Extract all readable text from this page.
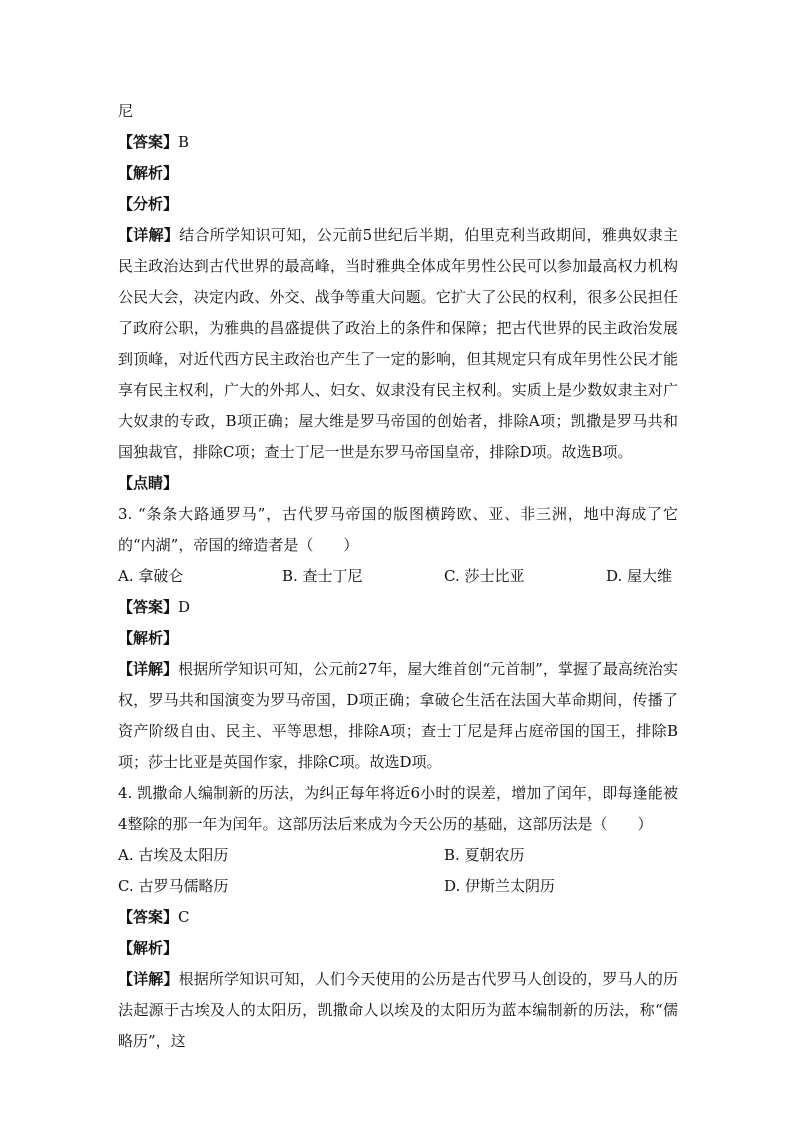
尼
【答案】B
【解析】
【分析】
【详解】结合所学知识可知，公元前5世纪后半期，伯里克利当政期间，雅典奴隶主民主政治达到古代世界的最高峰，当时雅典全体成年男性公民可以参加最高权力机构公民大会，决定内政、外交、战争等重大问题。它扩大了公民的权利，很多公民担任了政府公职，为雅典的昌盛提供了政治上的条件和保障；把古代世界的民主政治发展到顶峰，对近代西方民主政治也产生了一定的影响，但其规定只有成年男性公民才能享有民主权利，广大的外邦人、妇女、奴隶没有民主权利。实质上是少数奴隶主对广大奴隶的专政，B项正确；屋大维是罗马帝国的创始者，排除A项；凯撒是罗马共和国独裁官，排除C项；查士丁尼一世是东罗马帝国皇帝，排除D项。故选B项。
【点睛】
3. “条条大路通罗马”，古代罗马帝国的版图横跨欧、亚、非三洲，地中海成了它的“内湖”，帝国的缔造者是（　　）
A. 拿破仑	B. 查士丁尼	C. 莎士比亚	D. 屋大维
【答案】D
【解析】
【详解】根据所学知识可知，公元前27年，屋大维首创“元首制”，掌握了最高统治实权，罗马共和国演变为罗马帝国，D项正确；拿破仑生活在法国大革命期间，传播了资产阶级自由、民主、平等思想，排除A项；查士丁尼是拜占庭帝国的国王，排除B项；莎士比亚是英国作家，排除C项。故选D项。
4. 凯撒命人编制新的历法，为纠正每年将近6小时的误差，增加了闰年，即每逢能被4整除的那一年为闰年。这部历法后来成为今天公历的基础，这部历法是（　　）
A. 古埃及太阳历	B. 夏朝农历
C. 古罗马儒略历	D. 伊斯兰太阴历
【答案】C
【解析】
【详解】根据所学知识可知，人们今天使用的公历是古代罗马人创设的，罗马人的历法起源于古埃及人的太阳历，凯撒命人以埃及的太阳历为蓝本编制新的历法，称“儒略历”，这
